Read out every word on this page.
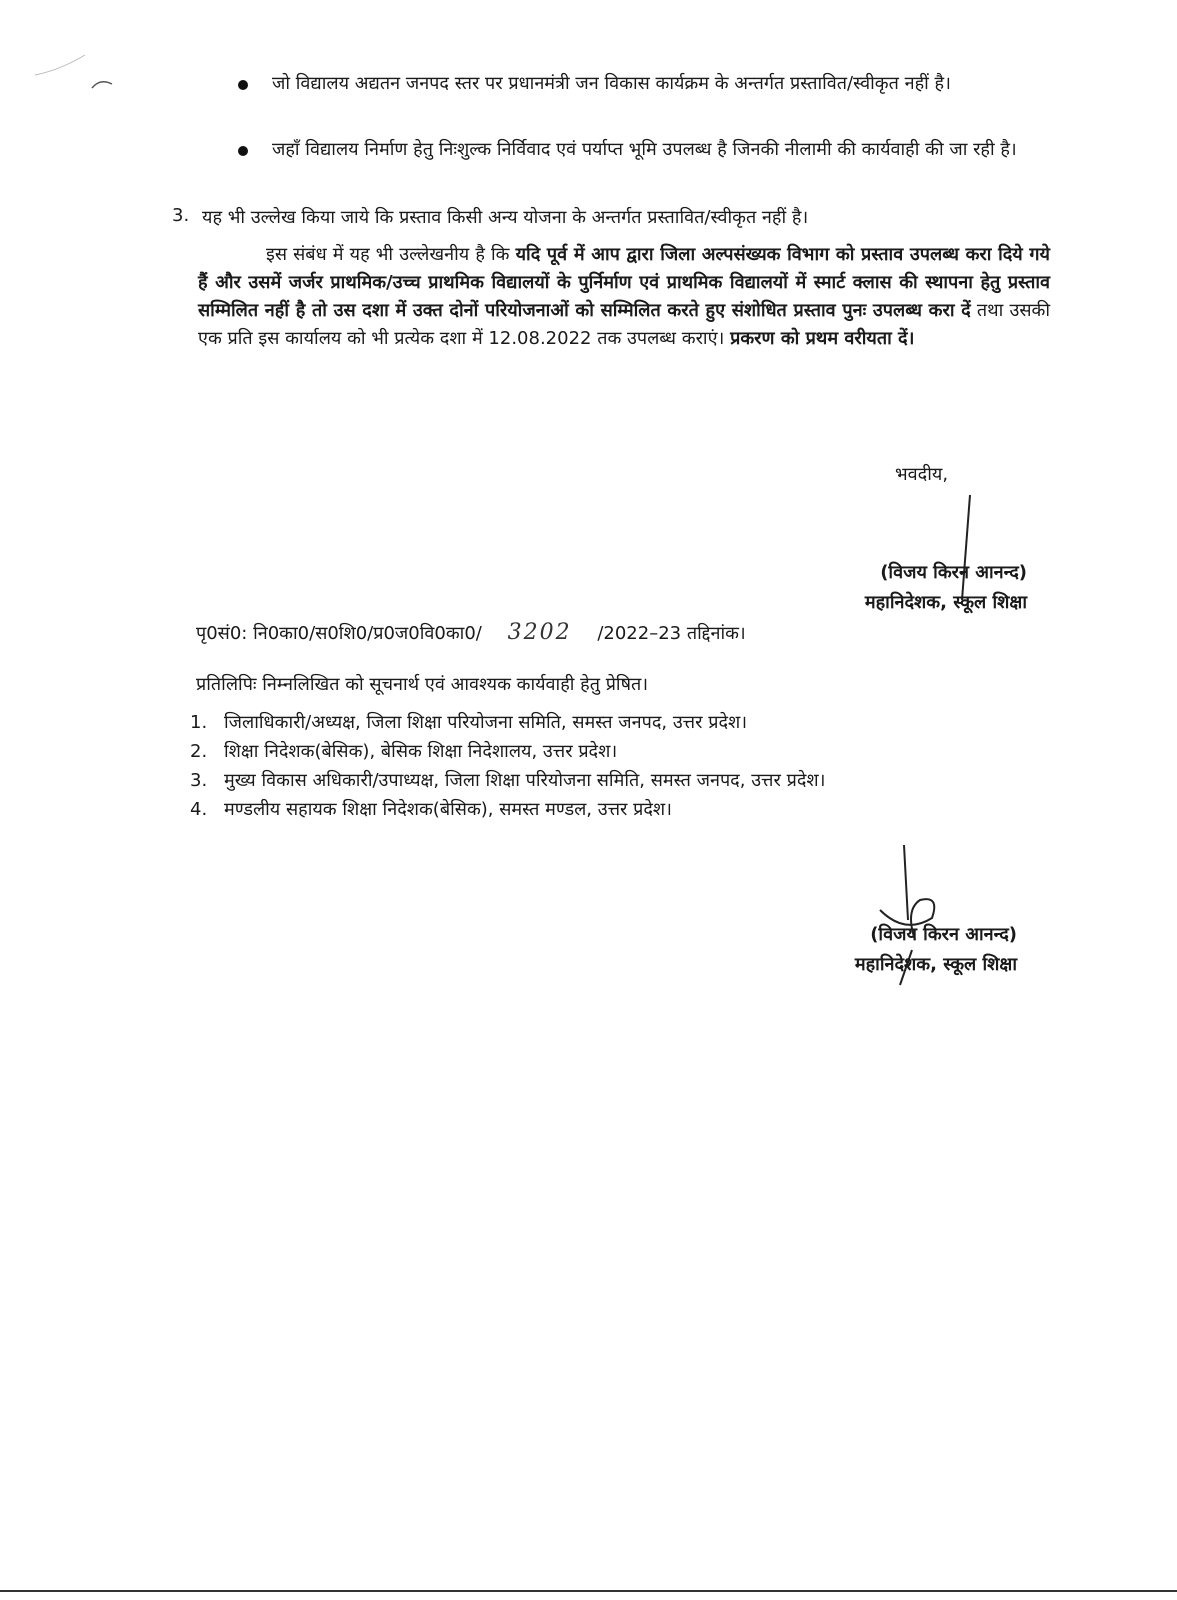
जो विद्यालय अद्यतन जनपद स्तर पर प्रधानमंत्री जन विकास कार्यक्रम के अन्तर्गत प्रस्तावित/स्वीकृत नहीं है।
जहाँ विद्यालय निर्माण हेतु निःशुल्क निर्विवाद एवं पर्याप्त भूमि उपलब्ध है जिनकी नीलामी की कार्यवाही की जा रही है।
3. यह भी उल्लेख किया जाये कि प्रस्ताव किसी अन्य योजना के अन्तर्गत प्रस्तावित/स्वीकृत नहीं है।
इस संबंध में यह भी उल्लेखनीय है कि यदि पूर्व में आप द्वारा जिला अल्पसंख्यक विभाग को प्रस्ताव उपलब्ध करा दिये गये हैं और उसमें जर्जर प्राथमिक/उच्च प्राथमिक विद्यालयों के पुर्निर्माण एवं प्राथमिक विद्यालयों में स्मार्ट क्लास की स्थापना हेतु प्रस्ताव सम्मिलित नहीं है तो उस दशा में उक्त दोनों परियोजनाओं को सम्मिलित करते हुए संशोधित प्रस्ताव पुनः उपलब्ध करा दें तथा उसकी एक प्रति इस कार्यालय को भी प्रत्येक दशा में 12.08.2022 तक उपलब्ध कराएं। प्रकरण को प्रथम वरीयता दें।
भवदीय,
(विजय किरन आनन्द)
महानिदेशक, स्कूल शिक्षा
पृ0सं0: नि0का0/स0शि0/प्र0ज0वि0का0/ 3202 /2022–23 तद्दिनांक।
प्रतिलिपिः निम्नलिखित को सूचनार्थ एवं आवश्यक कार्यवाही हेतु प्रेषित।
1. जिलाधिकारी/अध्यक्ष, जिला शिक्षा परियोजना समिति, समस्त जनपद, उत्तर प्रदेश।
2. शिक्षा निदेशक(बेसिक), बेसिक शिक्षा निदेशालय, उत्तर प्रदेश।
3. मुख्य विकास अधिकारी/उपाध्यक्ष, जिला शिक्षा परियोजना समिति, समस्त जनपद, उत्तर प्रदेश।
4. मण्डलीय सहायक शिक्षा निदेशक(बेसिक), समस्त मण्डल, उत्तर प्रदेश।
(विजय किरन आनन्द)
महानिदेशक, स्कूल शिक्षा
